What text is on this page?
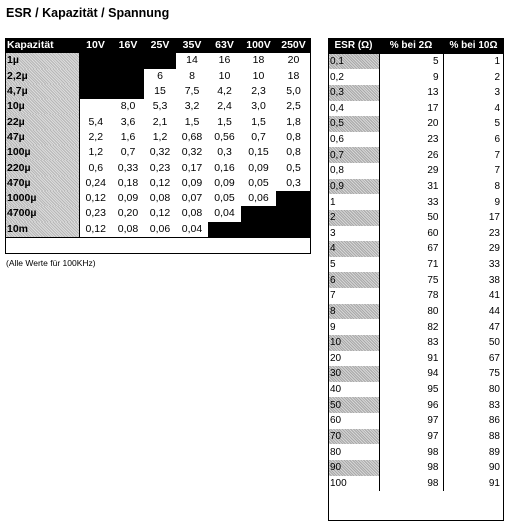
ESR / Kapazität / Spannung
Kapazität	10V	16V	25V	35V	63V	100V	250V
1µ				14	16	18	20
2,2µ			6	8	10	10	18
4,7µ			15	7,5	4,2	2,3	5,0
10µ		8,0	5,3	3,2	2,4	3,0	2,5
22µ	5,4	3,6	2,1	1,5	1,5	1,5	1,8
47µ	2,2	1,6	1,2	0,68	0,56	0,7	0,8
100µ	1,2	0,7	0,32	0,32	0,3	0,15	0,8
220µ	0,6	0,33	0,23	0,17	0,16	0,09	0,5
470µ	0,24	0,18	0,12	0,09	0,09	0,05	0,3
1000µ	0,12	0,09	0,08	0,07	0,05	0,06	
4700µ	0,23	0,20	0,12	0,08	0,04		
10m	0,12	0,08	0,06	0,04			
(Alle Werte für 100KHz)
ESR (Ω)	% bei 2Ω	% bei 10Ω
0,1	5	1
0,2	9	2
0,3	13	3
0,4	17	4
0,5	20	5
0,6	23	6
0,7	26	7
0,8	29	7
0,9	31	8
1	33	9
2	50	17
3	60	23
4	67	29
5	71	33
6	75	38
7	78	41
8	80	44
9	82	47
10	83	50
20	91	67
30	94	75
40	95	80
50	96	83
60	97	86
70	97	88
80	98	89
90	98	90
100	98	91
